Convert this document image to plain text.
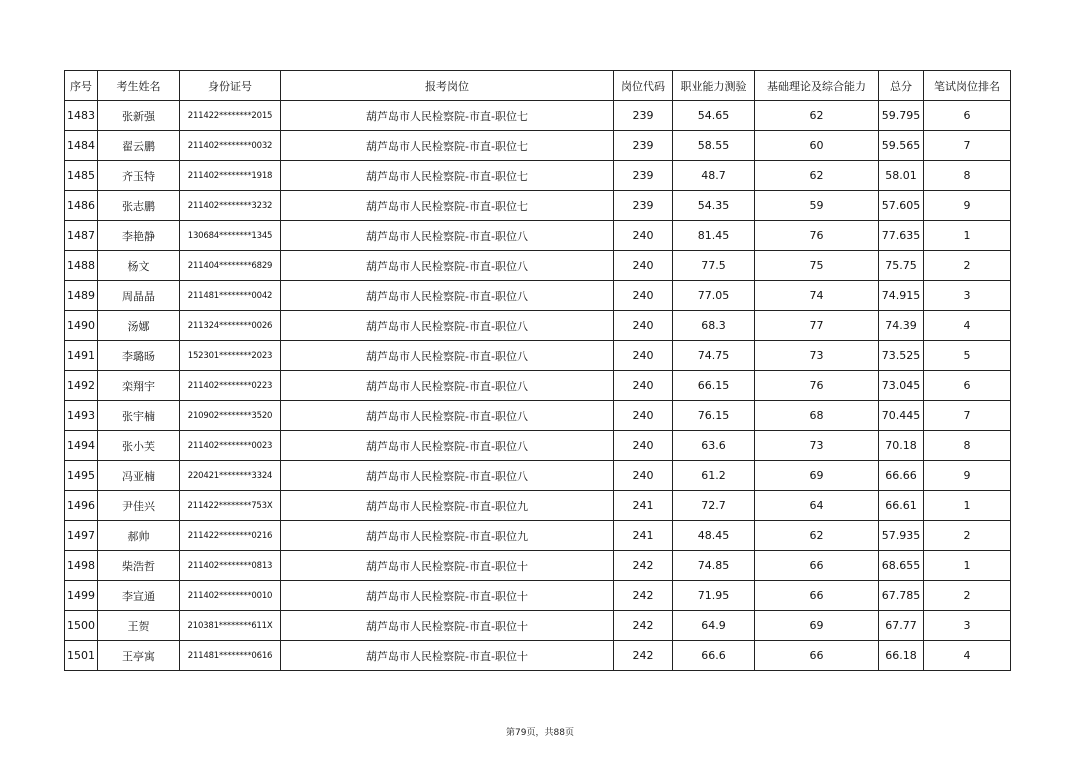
序号	考生姓名	身份证号	报考岗位	岗位代码	职业能力测验	基础理论及综合能力	总分	笔试岗位排名
1483	张新强	211422********2015	葫芦岛市人民检察院-市直-职位七	239	54.65	62	59.795	6
1484	翟云鹏	211402********0032	葫芦岛市人民检察院-市直-职位七	239	58.55	60	59.565	7
1485	齐玉特	211402********1918	葫芦岛市人民检察院-市直-职位七	239	48.7	62	58.01	8
1486	张志鹏	211402********3232	葫芦岛市人民检察院-市直-职位七	239	54.35	59	57.605	9
1487	李艳静	130684********1345	葫芦岛市人民检察院-市直-职位八	240	81.45	76	77.635	1
1488	杨文	211404********6829	葫芦岛市人民检察院-市直-职位八	240	77.5	75	75.75	2
1489	周晶晶	211481********0042	葫芦岛市人民检察院-市直-职位八	240	77.05	74	74.915	3
1490	汤娜	211324********0026	葫芦岛市人民检察院-市直-职位八	240	68.3	77	74.39	4
1491	李璐旸	152301********2023	葫芦岛市人民检察院-市直-职位八	240	74.75	73	73.525	5
1492	栾翔宇	211402********0223	葫芦岛市人民检察院-市直-职位八	240	66.15	76	73.045	6
1493	张宇楠	210902********3520	葫芦岛市人民检察院-市直-职位八	240	76.15	68	70.445	7
1494	张小芙	211402********0023	葫芦岛市人民检察院-市直-职位八	240	63.6	73	70.18	8
1495	冯亚楠	220421********3324	葫芦岛市人民检察院-市直-职位八	240	61.2	69	66.66	9
1496	尹佳兴	211422********753X	葫芦岛市人民检察院-市直-职位九	241	72.7	64	66.61	1
1497	郝帅	211422********0216	葫芦岛市人民检察院-市直-职位九	241	48.45	62	57.935	2
1498	柴浩哲	211402********0813	葫芦岛市人民检察院-市直-职位十	242	74.85	66	68.655	1
1499	李宣通	211402********0010	葫芦岛市人民检察院-市直-职位十	242	71.95	66	67.785	2
1500	王贺	210381********611X	葫芦岛市人民检察院-市直-职位十	242	64.9	69	67.77	3
1501	王亭寓	211481********0616	葫芦岛市人民检察院-市直-职位十	242	66.6	66	66.18	4
第79页，共88页
